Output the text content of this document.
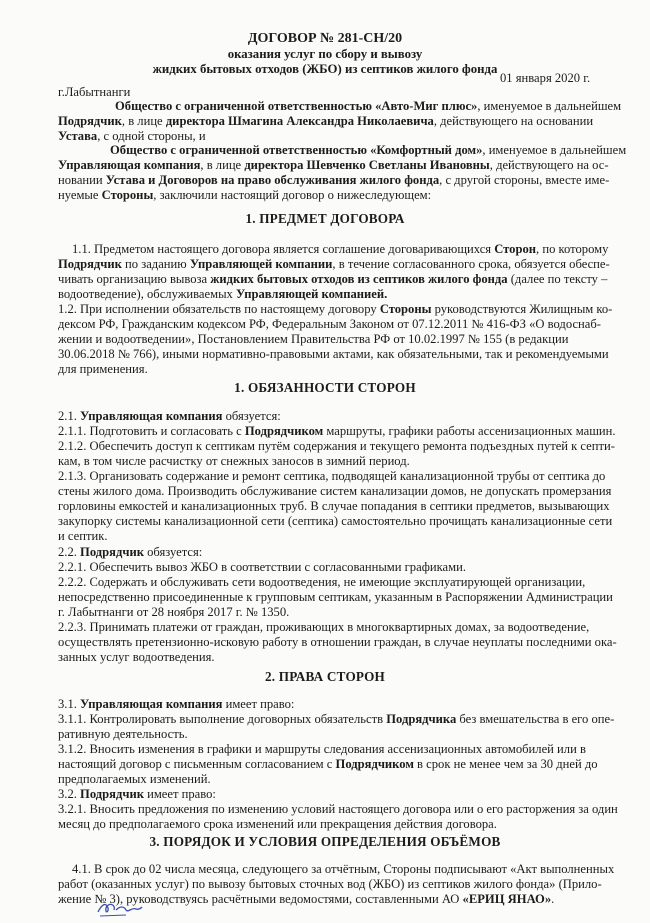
ДОГОВОР № 281-СН/20
оказания услуг по сбору и вывозу
жидких бытовых отходов (ЖБО) из септиков жилого фонда
г.Лабытнанги
01 января 2020 г.
1. ПРЕДМЕТ ДОГОВОРА
1. ОБЯЗАННОСТИ СТОРОН
2. ПРАВА СТОРОН
3. ПОРЯДОК И УСЛОВИЯ ОПРЕДЕЛЕНИЯ ОБЪЁМОВ
Общество с ограниченной ответственностью «Авто-Миг плюс», именуемое в дальнейшем
Подрядчик, в лице директора Шмагина Александра Николаевича, действующего на основании
Устава, с одной стороны, и
Общество с ограниченной ответственностью «Комфортный дом», именуемое в дальнейшем
Управляющая компания, в лице директора Шевченко Светланы Ивановны, действующего на ос-
новании Устава и Договоров на право обслуживания жилого фонда, с другой стороны, вместе име-
нуемые Стороны, заключили настоящий договор о нижеследующем:
1.1. Предметом настоящего договора является соглашение договаривающихся Сторон, по которому
Подрядчик по заданию Управляющей компании, в течение согласованного срока, обязуется обеспе-
чивать организацию вывоза жидких бытовых отходов из септиков жилого фонда (далее по тексту –
водоотведение), обслуживаемых Управляющей компанией.
1.2. При исполнении обязательств по настоящему договору Стороны руководствуются Жилищным ко-
дексом РФ, Гражданским кодексом РФ, Федеральным Законом от 07.12.2011 № 416-ФЗ «О водоснаб-
жении и водоотведении», Постановлением Правительства РФ от 10.02.1997 № 155 (в редакции
30.06.2018 № 766), иными нормативно-правовыми актами, как обязательными, так и рекомендуемыми
для применения.
2.1. Управляющая компания обязуется:
2.1.1. Подготовить и согласовать с Подрядчиком маршруты, графики работы ассенизационных машин.
2.1.2. Обеспечить доступ к септикам путём содержания и текущего ремонта подъездных путей к септи-
кам, в том числе расчистку от снежных заносов в зимний период.
2.1.3. Организовать содержание и ремонт септика, подводящей канализационной трубы от септика до
стены жилого дома. Производить обслуживание систем канализации домов, не допускать промерзания
горловины емкостей и канализационных труб. В случае попадания в септики предметов, вызывающих
закупорку системы канализационной сети (септика) самостоятельно прочищать канализационные сети
и септик.
2.2. Подрядчик обязуется:
2.2.1. Обеспечить вывоз ЖБО в соответствии с согласованными графиками.
2.2.2. Содержать и обслуживать сети водоотведения, не имеющие эксплуатирующей организации,
непосредственно присоединенные к групповым септикам, указанным в Распоряжении Администрации
г. Лабытнанги от 28 ноября 2017 г. № 1350.
2.2.3. Принимать платежи от граждан, проживающих в многоквартирных домах, за водоотведение,
осуществлять претензионно-исковую работу в отношении граждан, в случае неуплаты последними ока-
занных услуг водоотведения.
3.1. Управляющая компания имеет право:
3.1.1. Контролировать выполнение договорных обязательств Подрядчика без вмешательства в его опе-
ративную деятельность.
3.1.2. Вносить изменения в графики и маршруты следования ассенизационных автомобилей или в
настоящий договор с письменным согласованием с Подрядчиком в срок не менее чем за 30 дней до
предполагаемых изменений.
3.2. Подрядчик имеет право:
3.2.1. Вносить предложения по изменению условий настоящего договора или о его расторжения за один
месяц до предполагаемого срока изменений или прекращения действия договора.
4.1. В срок до 02 числа месяца, следующего за отчётным, Стороны подписывают «Акт выполненных
работ (оказанных услуг) по вывозу бытовых сточных вод (ЖБО) из септиков жилого фонда» (Прило-
жение № 3), руководствуясь расчётными ведомостями, составленными АО «ЕРИЦ ЯНАО».
